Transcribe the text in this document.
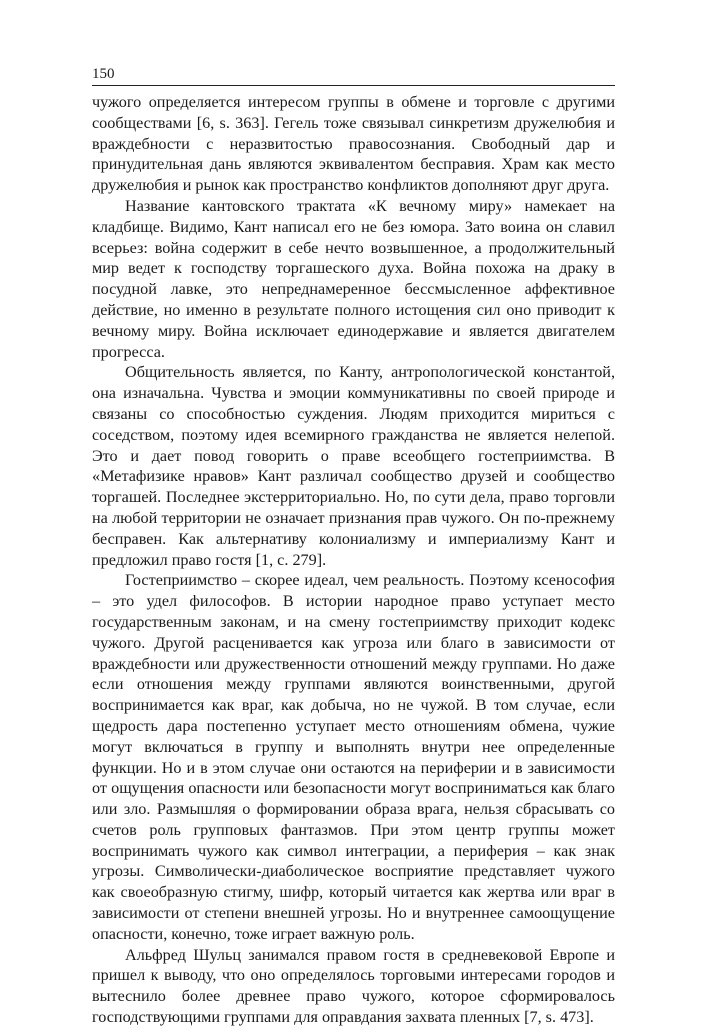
150

чужого определяется интересом группы в обмене и торговле с другими сообществами [6, s. 363]. Гегель тоже связывал синкретизм дружелюбия и враждебности с неразвитостью правосознания. Свободный дар и принудительная дань являются эквивалентом бесправия. Храм как место дружелюбия и рынок как пространство конфликтов дополняют друг друга.

Название кантовского трактата «К вечному миру» намекает на кладбище. Видимо, Кант написал его не без юмора. Зато воина он славил всерьез: война содержит в себе нечто возвышенное, а продолжительный мир ведет к господству торгашеского духа. Война похожа на драку в посудной лавке, это непреднамеренное бессмысленное аффективное действие, но именно в результате полного истощения сил оно приводит к вечному миру. Война исключает единодержавие и является двигателем прогресса.

Общительность является, по Канту, антропологической константой, она изначальна. Чувства и эмоции коммуникативны по своей природе и связаны со способностью суждения. Людям приходится мириться с соседством, поэтому идея всемирного гражданства не является нелепой. Это и дает повод говорить о праве всеобщего гостеприимства. В «Метафизике нравов» Кант различал сообщество друзей и сообщество торгашей. Последнее экстерриториально. Но, по сути дела, право торговли на любой территории не означает признания прав чужого. Он по-прежнему бесправен. Как альтернативу колониализму и империализму Кант и предложил право гостя [1, с. 279].

Гостеприимство – скорее идеал, чем реальность. Поэтому ксенософия – это удел философов. В истории народное право уступает место государственным законам, и на смену гостеприимству приходит кодекс чужого. Другой расценивается как угроза или благо в зависимости от враждебности или дружественности отношений между группами. Но даже если отношения между группами являются воинственными, другой воспринимается как враг, как добыча, но не чужой. В том случае, если щедрость дара постепенно уступает место отношениям обмена, чужие могут включаться в группу и выполнять внутри нее определенные функции. Но и в этом случае они остаются на периферии и в зависимости от ощущения опасности или безопасности могут восприниматься как благо или зло. Размышляя о формировании образа врага, нельзя сбрасывать со счетов роль групповых фантазмов. При этом центр группы может воспринимать чужого как символ интеграции, а периферия – как знак угрозы. Символически-диаболическое восприятие представляет чужого как своеобразную стигму, шифр, который читается как жертва или враг в зависимости от степени внешней угрозы. Но и внутреннее самоощущение опасности, конечно, тоже играет важную роль.

Альфред Шульц занимался правом гостя в средневековой Европе и пришел к выводу, что оно определялось торговыми интересами городов и вытеснило более древнее право чужого, которое сформировалось господствующими группами для оправдания захвата пленных [7, s. 473].
